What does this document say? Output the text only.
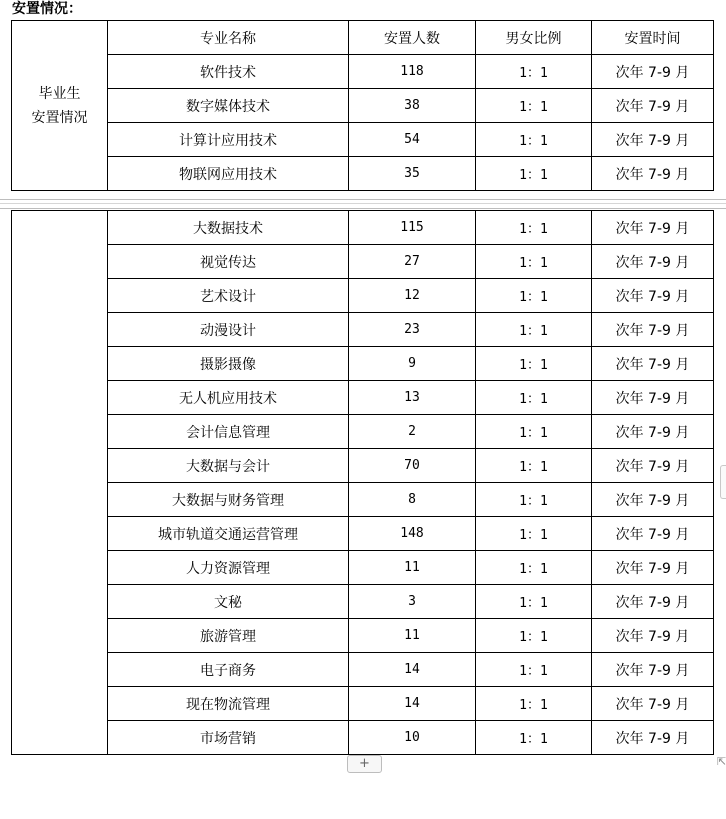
安置情况：
毕业生
安置情况	专业名称	安置人数	男女比例	安置时间
	软件技术	118	1：1	次年 7-9 月
	数字媒体技术	38	1：1	次年 7-9 月
	计算计应用技术	54	1：1	次年 7-9 月
	物联网应用技术	35	1：1	次年 7-9 月
	大数据技术	115	1：1	次年 7-9 月
	视觉传达	27	1：1	次年 7-9 月
	艺术设计	12	1：1	次年 7-9 月
	动漫设计	23	1：1	次年 7-9 月
	摄影摄像	9	1：1	次年 7-9 月
	无人机应用技术	13	1：1	次年 7-9 月
	会计信息管理	2	1：1	次年 7-9 月
	大数据与会计	70	1：1	次年 7-9 月
	大数据与财务管理	8	1：1	次年 7-9 月
	城市轨道交通运营管理	148	1：1	次年 7-9 月
	人力资源管理	11	1：1	次年 7-9 月
	文秘	3	1：1	次年 7-9 月
	旅游管理	11	1：1	次年 7-9 月
	电子商务	14	1：1	次年 7-9 月
	现在物流管理	14	1：1	次年 7-9 月
	市场营销	10	1：1	次年 7-9 月
+	⇱
